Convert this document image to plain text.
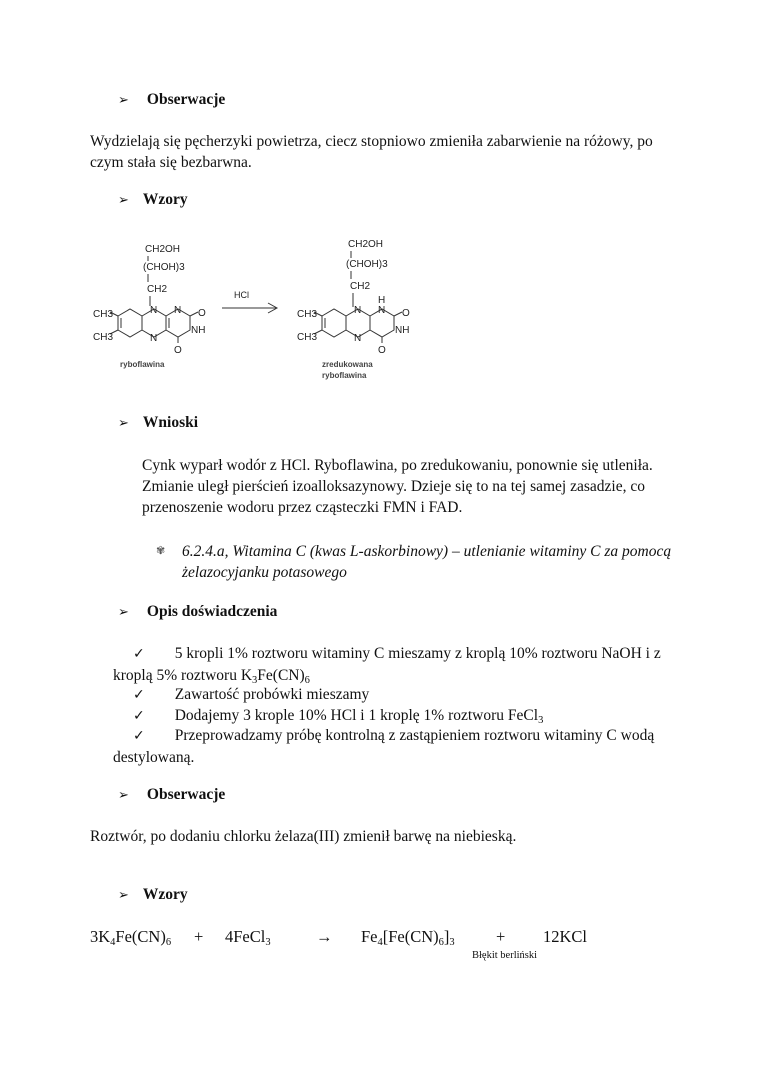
➢ Obserwacje
Wydzielają się pęcherzyki powietrza, ciecz stopniowo zmieniła zabarwienie na różowy, po
czym stała się bezbarwna.
➢ Wzory
CH2OH
(CHOH)3
CH2
N
N
N O
NH
O
CH3
CH3
ryboflawina
HCl
CH2OH
(CHOH)3
CH2
N
N
H
N O
NH
O
CH3
CH3
zredukowana
ryboflawina
➢ Wnioski
Cynk wyparł wodór z HCl. Ryboflawina, po zredukowaniu, ponownie się utleniła.
Zmianie uległ pierścień izoalloksazynowy. Dzieje się to na tej samej zasadzie, co
przenoszenie wodoru przez cząsteczki FMN i FAD.
✾ 6.2.4.a, Witamina C (kwas L-askorbinowy) – utlenianie witaminy C za pomocą
żelazocyjanku potasowego
➢ Opis doświadczenia
✓ 5 kropli 1% roztworu witaminy C mieszamy z kroplą 10% roztworu NaOH i z
kroplą 5% roztworu $K_3Fe(CN)_6$
✓ Zawartość probówki mieszamy
✓ Dodajemy 3 krople 10% HCl i 1 kroplę 1% roztworu FeCl$_3$
✓ Przeprowadzamy próbę kontrolną z zastąpieniem roztworu witaminy C wodą
destylowaną.
➢ Obserwacje
Roztwór, po dodaniu chlorku żelaza(III) zmienił barwę na niebieską.
➢ Wzory
$3K_4Fe(CN)_6$ + 4FeCl$_3$	→ $Fe_4[Fe(CN)_6]_3$	+ 12KCl
Błękit berliński
